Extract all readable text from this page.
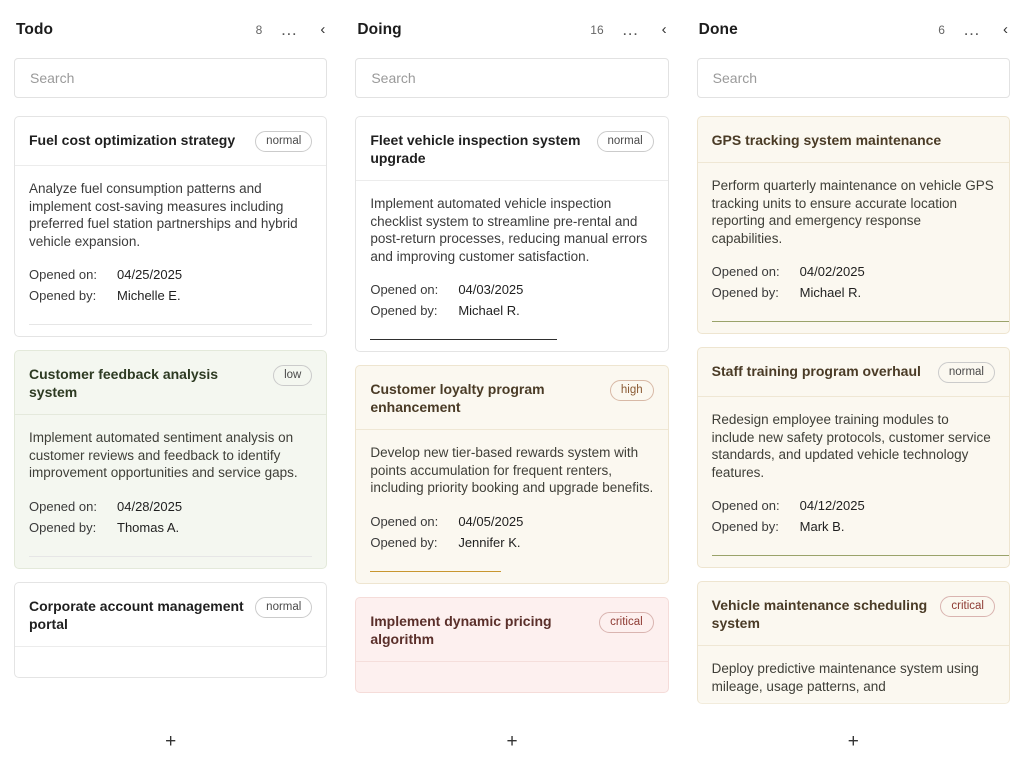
Todo	8 … ‹
Search
Fuel cost optimization strategy	normal
Analyze fuel consumption patterns and implement cost-saving measures including preferred fuel station partnerships and hybrid vehicle expansion.
Opened on:	04/25/2025
Opened by:	Michelle E.
Customer feedback analysis system
low
Implement automated sentiment analysis on customer reviews and feedback to identify improvement opportunities and service gaps.
Opened on:	04/28/2025
Opened by:	Thomas A.
Corporate account management portal
normal
+
Doing	16 … ‹
Search
Fleet vehicle inspection system upgrade
normal
Implement automated vehicle inspection checklist system to streamline pre-rental and post-return processes, reducing manual errors and improving customer satisfaction.
Opened on:	04/03/2025
Opened by:	Michael R.
Customer loyalty program enhancement
high
Develop new tier-based rewards system with points accumulation for frequent renters, including priority booking and upgrade benefits.
Opened on:	04/05/2025
Opened by:	Jennifer K.
Implement dynamic pricing algorithm
critical
+
Done	6 … ‹
Search
GPS tracking system maintenance
Perform quarterly maintenance on vehicle GPS tracking units to ensure accurate location reporting and emergency response capabilities.
Opened on:	04/02/2025
Opened by:	Michael R.
Staff training program overhaul	normal
Redesign employee training modules to include new safety protocols, customer service standards, and updated vehicle technology features.
Opened on:	04/12/2025
Opened by:	Mark B.
Vehicle maintenance scheduling system
critical
Deploy predictive maintenance system using mileage, usage patterns, and
+
